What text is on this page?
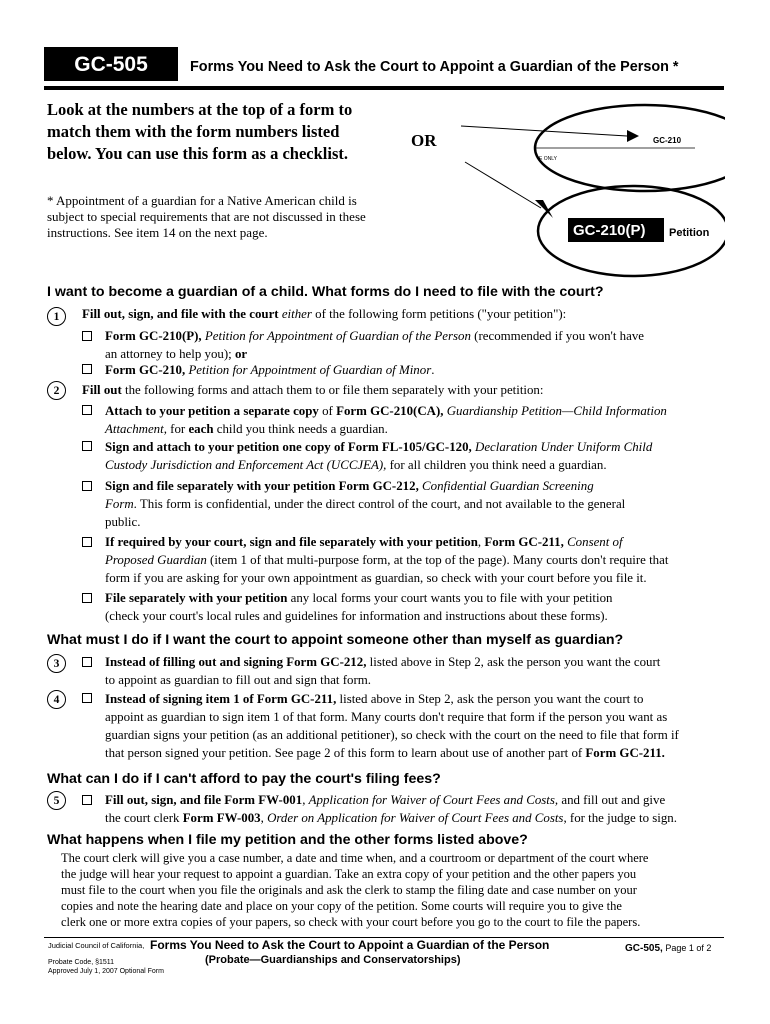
GC-505	Forms You Need to Ask the Court to Appoint a Guardian of the Person *
Look at the numbers at the top of a form to match them with the form numbers listed below. You can use this form as a checklist.
OR
* Appointment of a guardian for a Native American child is subject to special requirements that are not discussed in these instructions. See item 14 on the next page.
GC-210
E ONLY
GC-210(P) Petition
I want to become a guardian of a child. What forms do I need to file with the court?
1	Fill out, sign, and file with the court either of the following form petitions ("your petition"):
Form GC-210(P), Petition for Appointment of Guardian of the Person (recommended if you won't have
an attorney to help you); or
Form GC-210, Petition for Appointment of Guardian of Minor.
2	Fill out the following forms and attach them to or file them separately with your petition:
Attach to your petition a separate copy of Form GC-210(CA), Guardianship Petition—Child Information
Attachment, for each child you think needs a guardian.
Sign and attach to your petition one copy of Form FL-105/GC-120, Declaration Under Uniform Child
Custody Jurisdiction and Enforcement Act (UCCJEA), for all children you think need a guardian.
Sign and file separately with your petition Form GC-212, Confidential Guardian Screening
Form. This form is confidential, under the direct control of the court, and not available to the general
public.
If required by your court, sign and file separately with your petition, Form GC-211, Consent of
Proposed Guardian (item 1 of that multi-purpose form, at the top of the page). Many courts don't require that
form if you are asking for your own appointment as guardian, so check with your court before you file it.
File separately with your petition any local forms your court wants you to file with your petition
(check your court's local rules and guidelines for information and instructions about these forms).
What must I do if I want the court to appoint someone other than myself as guardian?
3	Instead of filling out and signing Form GC-212, listed above in Step 2, ask the person you want the court
to appoint as guardian to fill out and sign that form.
4	Instead of signing item 1 of Form GC-211, listed above in Step 2, ask the person you want the court to
appoint as guardian to sign item 1 of that form. Many courts don't require that form if the person you want as
guardian signs your petition (as an additional petitioner), so check with the court on the need to file that form if
that person signed your petition. See page 2 of this form to learn about use of another part of Form GC-211.
What can I do if I can't afford to pay the court's filing fees?
5	Fill out, sign, and file Form FW-001, Application for Waiver of Court Fees and Costs, and fill out and give
the court clerk Form FW-003, Order on Application for Waiver of Court Fees and Costs, for the judge to sign.
What happens when I file my petition and the other forms listed above?
The court clerk will give you a case number, a date and time when, and a courtroom or department of the court where
the judge will hear your request to appoint a guardian. Take an extra copy of your petition and the other papers you
must file to the court when you file the originals and ask the clerk to stamp the filing date and case number on your
copies and note the hearing date and place on your copy of the petition. Some courts will require you to give the
clerk one or more extra copies of your papers, so check with your court before you go to the court to file the papers.
Judicial Council of California, Forms You Need to Ask the Court to Appoint a Guardian of the Person
(Probate—Guardianships and Conservatorships)
Probate Code, §1511
Approved July 1, 2007 Optional Form
GC-505, Page 1 of 2
